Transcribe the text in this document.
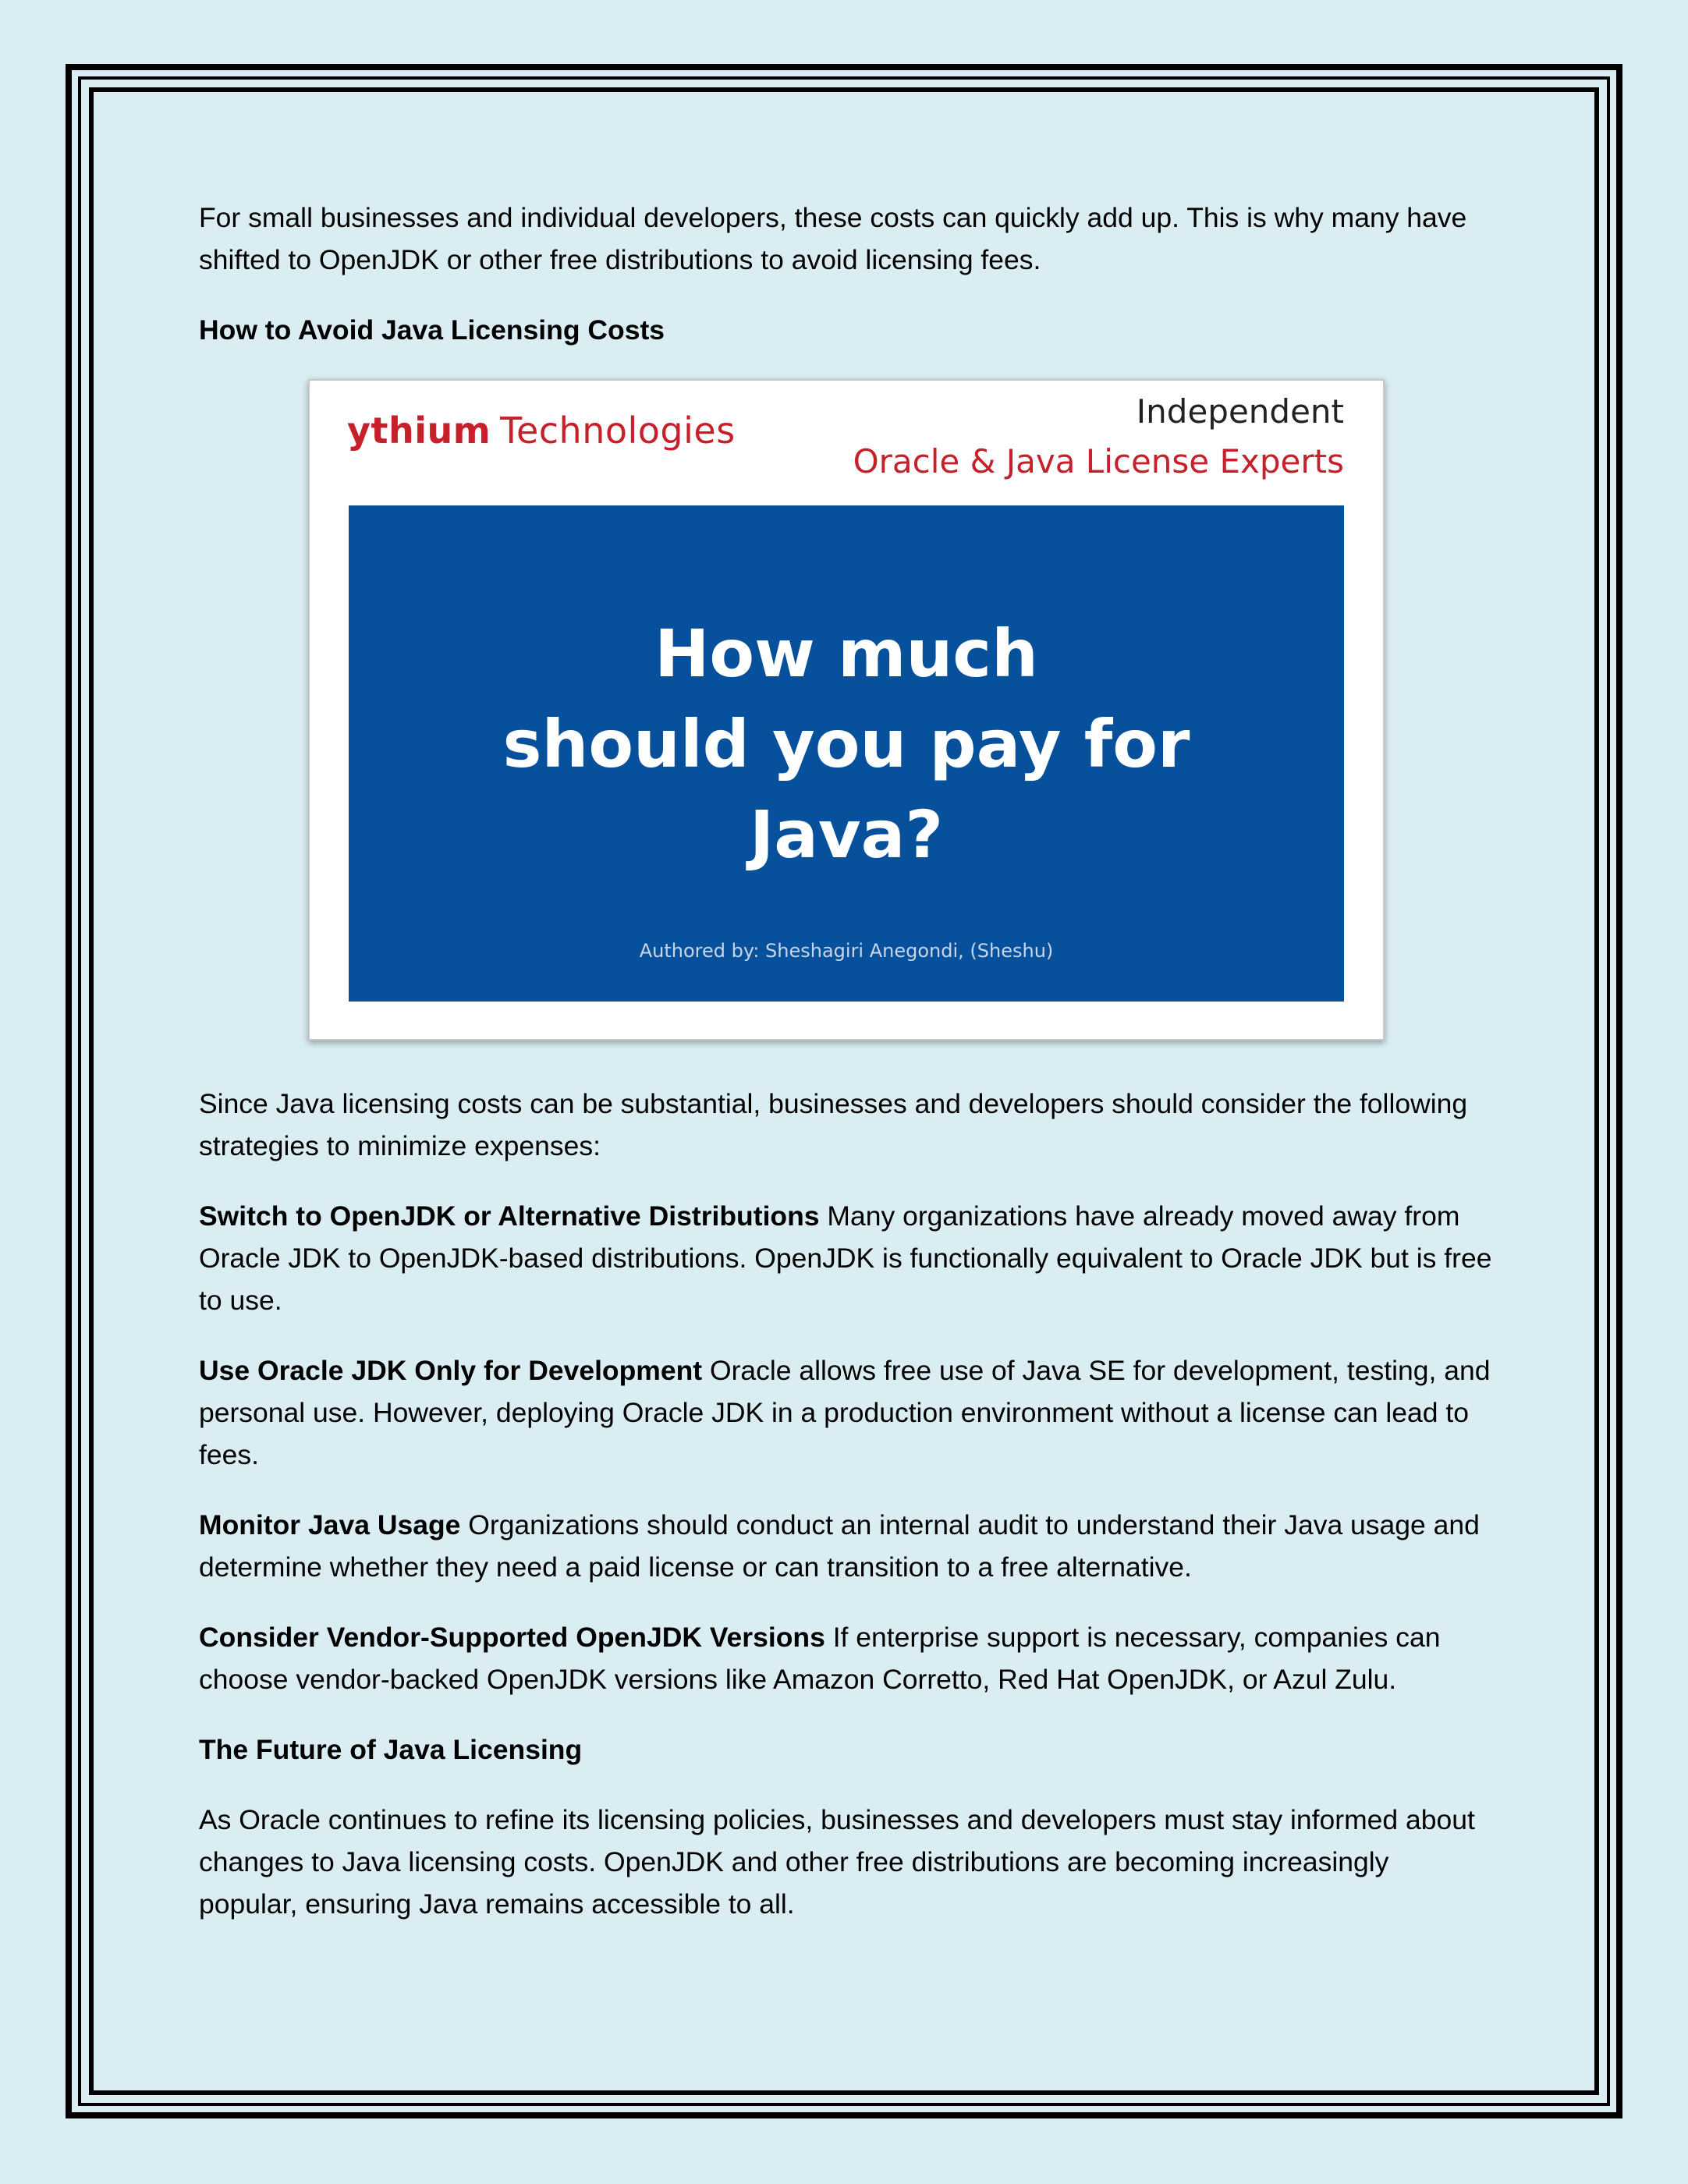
For small businesses and individual developers, these costs can quickly add up. This is why many have shifted to OpenJDK or other free distributions to avoid licensing fees.

How to Avoid Java Licensing Costs

ythium Technologies	Independent
Oracle & Java License Experts
How much
should you pay for
Java?
Authored by: Sheshagiri Anegondi, (Sheshu)

Since Java licensing costs can be substantial, businesses and developers should consider the following strategies to minimize expenses:

Switch to OpenJDK or Alternative Distributions Many organizations have already moved away from Oracle JDK to OpenJDK-based distributions. OpenJDK is functionally equivalent to Oracle JDK but is free to use.

Use Oracle JDK Only for Development Oracle allows free use of Java SE for development, testing, and personal use. However, deploying Oracle JDK in a production environment without a license can lead to fees.

Monitor Java Usage Organizations should conduct an internal audit to understand their Java usage and determine whether they need a paid license or can transition to a free alternative.

Consider Vendor-Supported OpenJDK Versions If enterprise support is necessary, companies can choose vendor-backed OpenJDK versions like Amazon Corretto, Red Hat OpenJDK, or Azul Zulu.

The Future of Java Licensing

As Oracle continues to refine its licensing policies, businesses and developers must stay informed about changes to Java licensing costs. OpenJDK and other free distributions are becoming increasingly popular, ensuring Java remains accessible to all.
